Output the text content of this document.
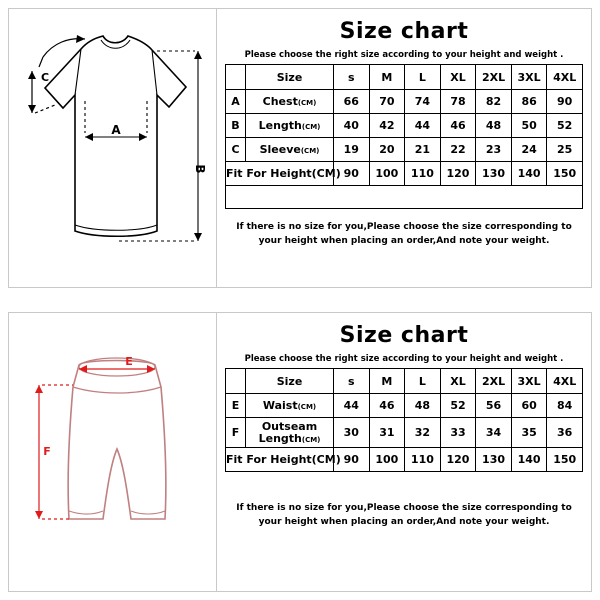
A
B
C
Size chart
Please choose the right size according to your height and weight .
	Size	s	M	L	XL	2XL	3XL	4XL
A	Chest(CM)	66	70	74	78	82	86	90
B	Length(CM)	40	42	44	46	48	50	52
C	Sleeve(CM)	19	20	21	22	23	24	25
Fit For Height(CM)		90	100	110	120	130	140	150

If there is no size for you,Please choose the size corresponding to
your height when placing an order,And note your weight.
E
F
Size chart
Please choose the right size according to your height and weight .
	Size	s	M	L	XL	2XL	3XL	4XL
E	Waist(CM)	44	46	48	52	56	60	84
F	Outseam
Length(CM)	30	31	32	33	34	35	36
Fit For Height(CM)		90	100	110	120	130	140	150
If there is no size for you,Please choose the size corresponding to
your height when placing an order,And note your weight.
